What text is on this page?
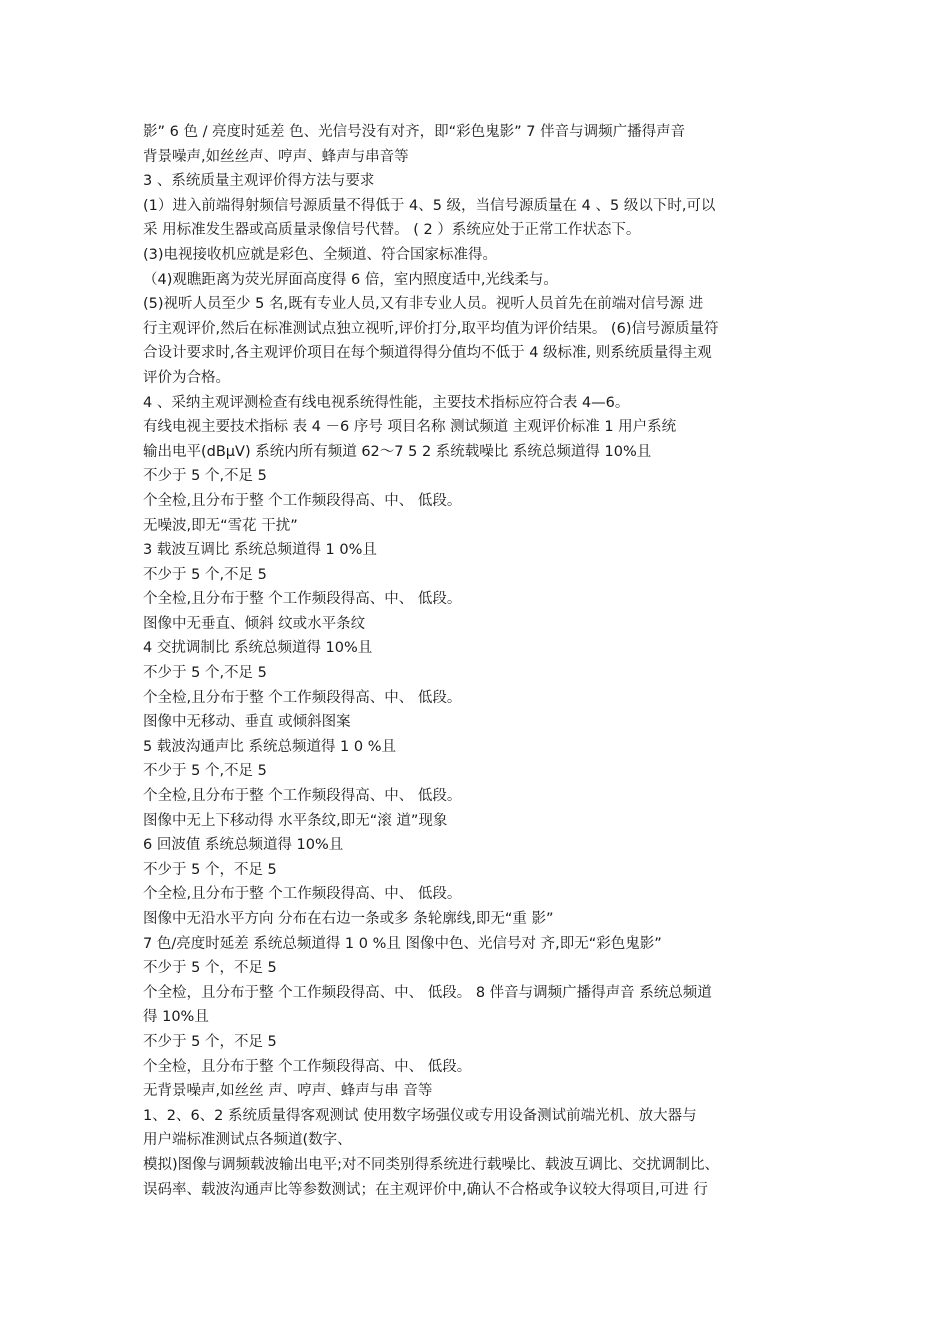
影” 6 色 / 亮度时延差 色、光信号没有对齐，即“彩色鬼影” 7 伴音与调频广播得声音
背景噪声,如丝丝声、哼声、蜂声与串音等
3 、系统质量主观评价得方法与要求
(1）进入前端得射频信号源质量不得低于 4、5 级，当信号源质量在 4 、5 级以下时,可以
采 用标准发生器或高质量录像信号代替。 ( 2 ）系统应处于正常工作状态下。
(3)电视接收机应就是彩色、全频道、符合国家标准得。
（4)观瞧距离为荧光屏面高度得 6 倍，室内照度适中,光线柔与。
(5)视听人员至少 5 名,既有专业人员,又有非专业人员。视听人员首先在前端对信号源 进
行主观评价,然后在标准测试点独立视听,评价打分,取平均值为评价结果。 (6)信号源质量符
合设计要求时,各主观评价项目在每个频道得得分值均不低于 4 级标准, 则系统质量得主观
评价为合格。
4 、采纳主观评测检查有线电视系统得性能，主要技术指标应符合表 4—6。
有线电视主要技术指标 表 4 －6 序号 项目名称 测试频道 主观评价标准 1 用户系统
输出电平(dBμV) 系统内所有频道 62～7 5 2 系统载噪比 系统总频道得 10%且
不少于 5 个,不足 5
个全检,且分布于整 个工作频段得高、中、 低段。
无噪波,即无“雪花 干扰”
3 载波互调比 系统总频道得 1 0%且
不少于 5 个,不足 5
个全检,且分布于整 个工作频段得高、中、 低段。
图像中无垂直、倾斜 纹或水平条纹
4 交扰调制比 系统总频道得 10%且
不少于 5 个,不足 5
个全检,且分布于整 个工作频段得高、中、 低段。
图像中无移动、垂直 或倾斜图案
5 载波沟通声比 系统总频道得 1 0 %且
不少于 5 个,不足 5
个全检,且分布于整 个工作频段得高、中、 低段。
图像中无上下移动得 水平条纹,即无“滚 道”现象
6 回波值 系统总频道得 10%且
不少于 5 个，不足 5
个全检,且分布于整 个工作频段得高、中、 低段。
图像中无沿水平方向 分布在右边一条或多 条轮廓线,即无“重 影”
7 色/亮度时延差 系统总频道得 1 0 %且 图像中色、光信号对 齐,即无“彩色鬼影”
不少于 5 个，不足 5
个全检，且分布于整 个工作频段得高、中、 低段。 8 伴音与调频广播得声音 系统总频道
得 10%且
不少于 5 个，不足 5
个全检，且分布于整 个工作频段得高、中、 低段。
无背景噪声,如丝丝 声、哼声、蜂声与串 音等
1、2、6、2 系统质量得客观测试 使用数字场强仪或专用设备测试前端光机、放大器与
用户端标准测试点各频道(数字、
模拟)图像与调频载波输出电平;对不同类别得系统进行载噪比、载波互调比、交扰调制比、
误码率、载波沟通声比等参数测试；在主观评价中,确认不合格或争议较大得项目,可进 行
